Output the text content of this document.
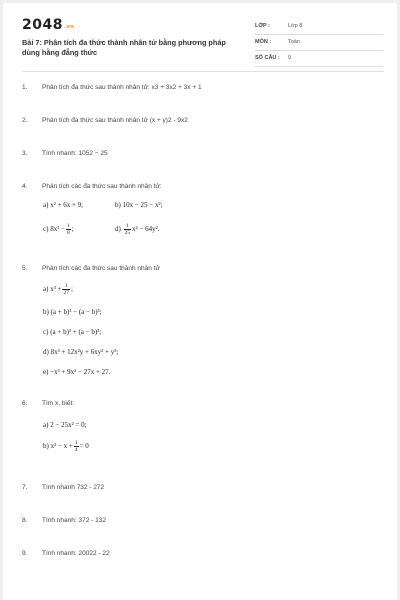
2048.vn
Bài 7: Phân tích đa thức thành nhân tử bằng phương pháp dùng hằng đẳng thức
LỚP :	Lớp 8
MÔN :	Toán
SỐ CÂU : 9
1. Phân tích đa thức sau thành nhân tử: x3 + 3x2 + 3x + 1
2. Phân tích đa thức sau thành nhân tử (x + y)2 - 9x2
3. Tính nhanh: 1052 − 25
4. Phân tích các đa thức sau thành nhân tử:
a) x² + 6x + 9;	b) 10x − 25 − x²;
c) $8x^3 - \frac{1}{8}$ ;	$d) \frac{1}{25} x^2 - 64y^2$.
5. Phân tích các đa thức sau thành nhân tử
a) $x^3 + \frac{1}{27}$ ;
b) (a + b)³ − (a − b)³;
c) (a + b)³ + (a − b)³;
d) 8x³ + 12x²y + 6xy² + y³;
e) −x³ + 9x² − 27x + 27.
6. Tìm x, biết:
a) 2 − 25x² = 0;
b) $x^2 - x + \frac{1}{4} = 0$
7. Tính nhanh 732 - 272
8. Tính nhanh: 372 - 132
9. Tính nhanh: 20022 - 22
